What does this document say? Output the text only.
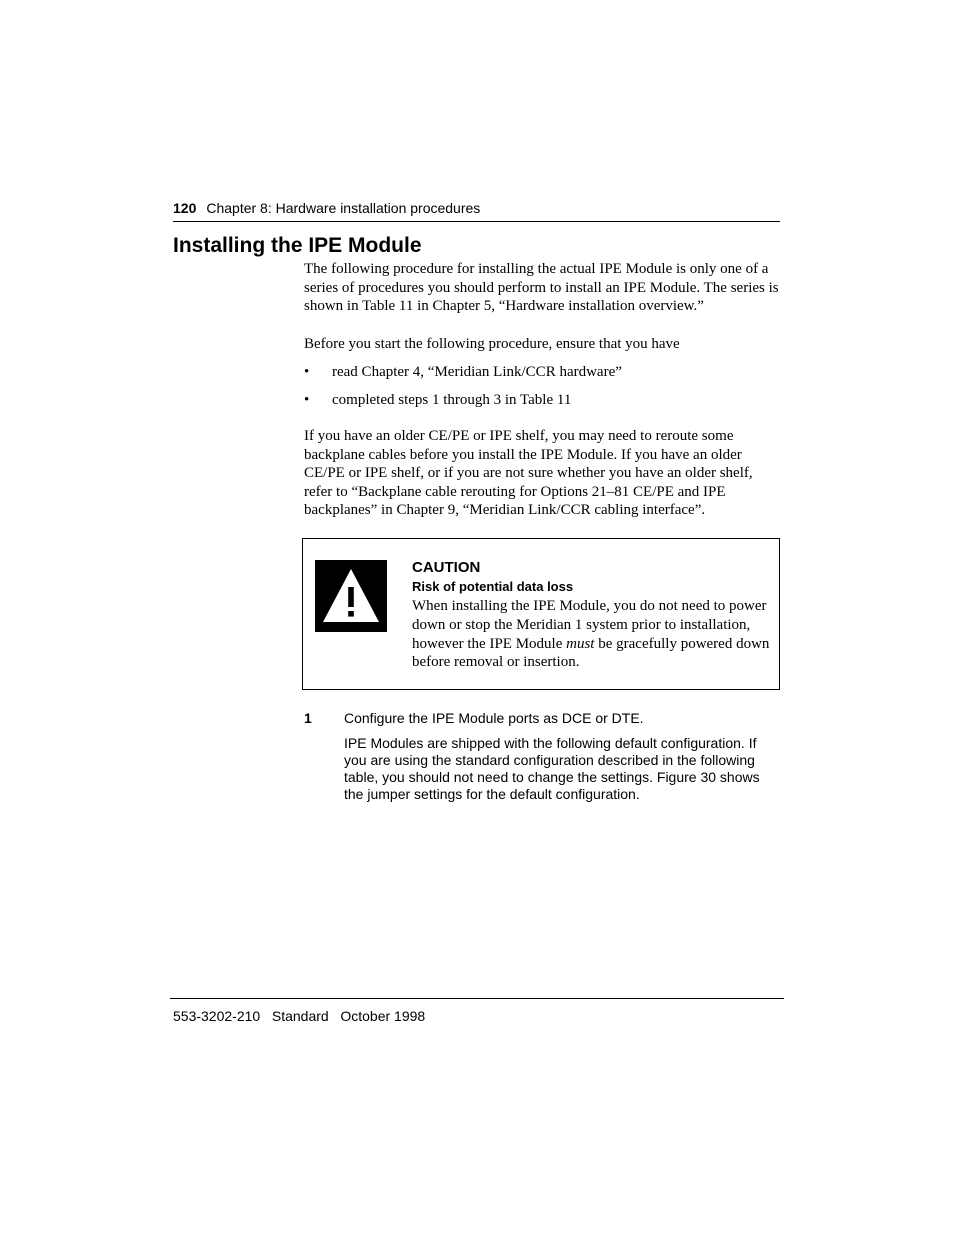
120 Chapter 8: Hardware installation procedures
Installing the IPE Module

The following procedure for installing the actual IPE Module is only one of a series of procedures you should perform to install an IPE Module. The series is shown in Table 11 in Chapter 5, “Hardware installation overview.”

Before you start the following procedure, ensure that you have

• read Chapter 4, “Meridian Link/CCR hardware”
• completed steps 1 through 3 in Table 11

If you have an older CE/PE or IPE shelf, you may need to reroute some backplane cables before you install the IPE Module. If you have an older CE/PE or IPE shelf, or if you are not sure whether you have an older shelf, refer to “Backplane cable rerouting for Options 21–81 CE/PE and IPE backplanes” in Chapter 9, “Meridian Link/CCR cabling interface”.

CAUTION
Risk of potential data loss

When installing the IPE Module, you do not need to power down or stop the Meridian 1 system prior to installation, however the IPE Module must be gracefully powered down before removal or insertion.

1 Configure the IPE Module ports as DCE or DTE.

IPE Modules are shipped with the following default configuration. If you are using the standard configuration described in the following table, you should not need to change the settings. Figure 30 shows the jumper settings for the default configuration.

553-3202-210 Standard October 1998
